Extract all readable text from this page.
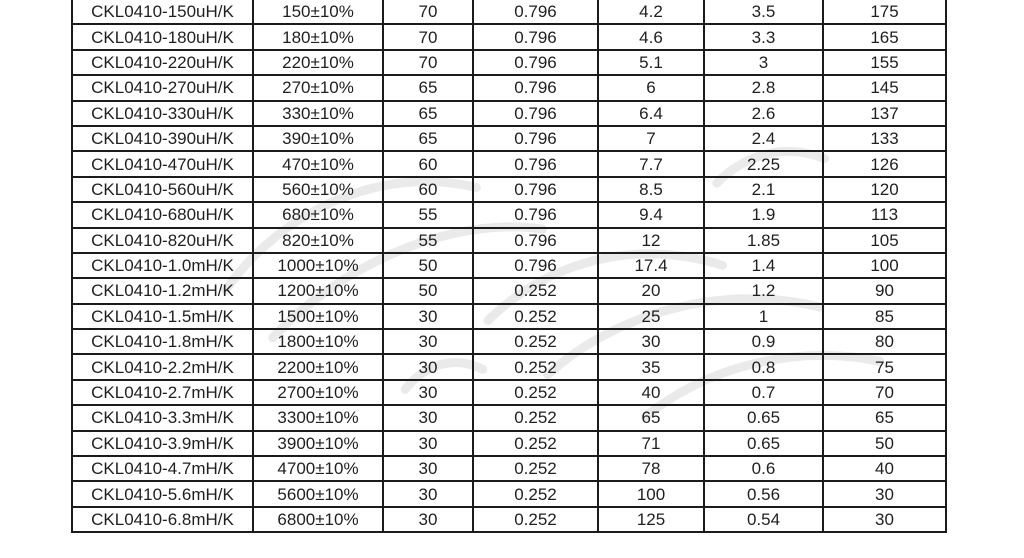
CKL0410-150uH/K	150±10%	70	0.796	4.2	3.5	175
CKL0410-180uH/K	180±10%	70	0.796	4.6	3.3	165
CKL0410-220uH/K	220±10%	70	0.796	5.1	3	155
CKL0410-270uH/K	270±10%	65	0.796	6	2.8	145
CKL0410-330uH/K	330±10%	65	0.796	6.4	2.6	137
CKL0410-390uH/K	390±10%	65	0.796	7	2.4	133
CKL0410-470uH/K	470±10%	60	0.796	7.7	2.25	126
CKL0410-560uH/K	560±10%	60	0.796	8.5	2.1	120
CKL0410-680uH/K	680±10%	55	0.796	9.4	1.9	113
CKL0410-820uH/K	820±10%	55	0.796	12	1.85	105
CKL0410-1.0mH/K	1000±10%	50	0.796	17.4	1.4	100
CKL0410-1.2mH/K	1200±10%	50	0.252	20	1.2	90
CKL0410-1.5mH/K	1500±10%	30	0.252	25	1	85
CKL0410-1.8mH/K	1800±10%	30	0.252	30	0.9	80
CKL0410-2.2mH/K	2200±10%	30	0.252	35	0.8	75
CKL0410-2.7mH/K	2700±10%	30	0.252	40	0.7	70
CKL0410-3.3mH/K	3300±10%	30	0.252	65	0.65	65
CKL0410-3.9mH/K	3900±10%	30	0.252	71	0.65	50
CKL0410-4.7mH/K	4700±10%	30	0.252	78	0.6	40
CKL0410-5.6mH/K	5600±10%	30	0.252	100	0.56	30
CKL0410-6.8mH/K	6800±10%	30	0.252	125	0.54	30
